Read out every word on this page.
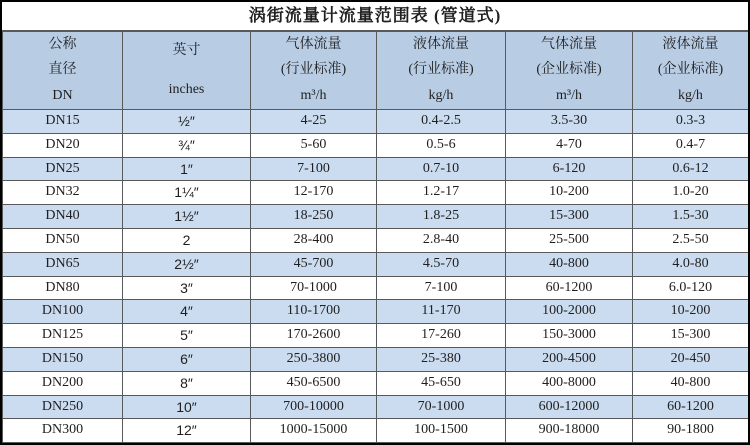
涡街流量计流量范围表 (管道式)
公称
直径
DN

英寸
inches

气体流量
(行业标准)
m³/h

液体流量
(行业标准)
kg/h

气体流量
(企业标准)
m³/h

液体流量
(企业标准)
kg/h

DN15	½″	4-25	0.4-2.5	3.5-30	0.3-3
DN20	¾″	5-60	0.5-6	4-70	0.4-7
DN25	1″	7-100	0.7-10	6-120	0.6-12
DN32	1¼″	12-170	1.2-17	10-200	1.0-20
DN40	1½″	18-250	1.8-25	15-300	1.5-30
DN50	2	28-400	2.8-40	25-500	2.5-50
DN65	2½″	45-700	4.5-70	40-800	4.0-80
DN80	3″	70-1000	7-100	60-1200	6.0-120
DN100	4″	110-1700	11-170	100-2000	10-200
DN125	5″	170-2600	17-260	150-3000	15-300
DN150	6″	250-3800	25-380	200-4500	20-450
DN200	8″	450-6500	45-650	400-8000	40-800
DN250	10″	700-10000	70-1000	600-12000	60-1200
DN300	12″	1000-15000	100-1500	900-18000	90-1800
